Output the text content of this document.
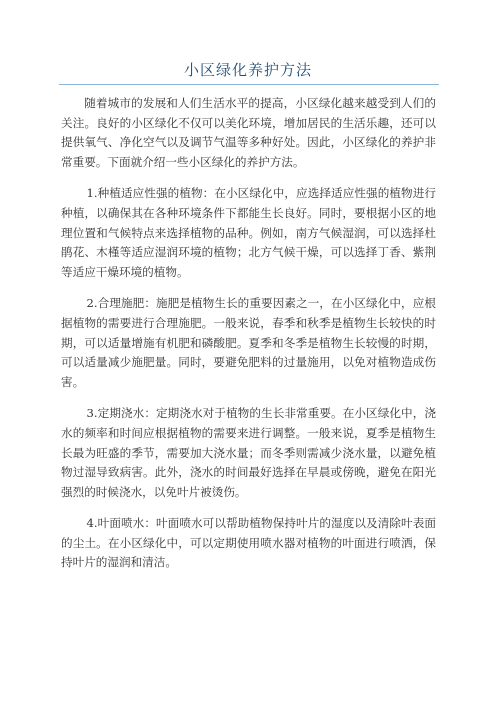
小区绿化养护方法

随着城市的发展和人们生活水平的提高，小区绿化越来越受到人们的关注。良好的小区绿化不仅可以美化环境，增加居民的生活乐趣，还可以提供氧气、净化空气以及调节气温等多种好处。因此，小区绿化的养护非常重要。下面就介绍一些小区绿化的养护方法。

1.种植适应性强的植物：在小区绿化中，应选择适应性强的植物进行种植，以确保其在各种环境条件下都能生长良好。同时，要根据小区的地理位置和气候特点来选择植物的品种。例如，南方气候湿润，可以选择杜鹃花、木槿等适应湿润环境的植物；北方气候干燥，可以选择丁香、紫荆等适应干燥环境的植物。

2.合理施肥：施肥是植物生长的重要因素之一，在小区绿化中，应根据植物的需要进行合理施肥。一般来说，春季和秋季是植物生长较快的时期，可以适量增施有机肥和磷酸肥。夏季和冬季是植物生长较慢的时期，可以适量减少施肥量。同时，要避免肥料的过量施用，以免对植物造成伤害。

3.定期浇水：定期浇水对于植物的生长非常重要。在小区绿化中，浇水的频率和时间应根据植物的需要来进行调整。一般来说，夏季是植物生长最为旺盛的季节，需要加大浇水量；而冬季则需减少浇水量，以避免植物过湿导致病害。此外，浇水的时间最好选择在早晨或傍晚，避免在阳光强烈的时候浇水，以免叶片被烫伤。

4.叶面喷水：叶面喷水可以帮助植物保持叶片的湿度以及清除叶表面的尘土。在小区绿化中，可以定期使用喷水器对植物的叶面进行喷洒，保持叶片的湿润和清洁。
